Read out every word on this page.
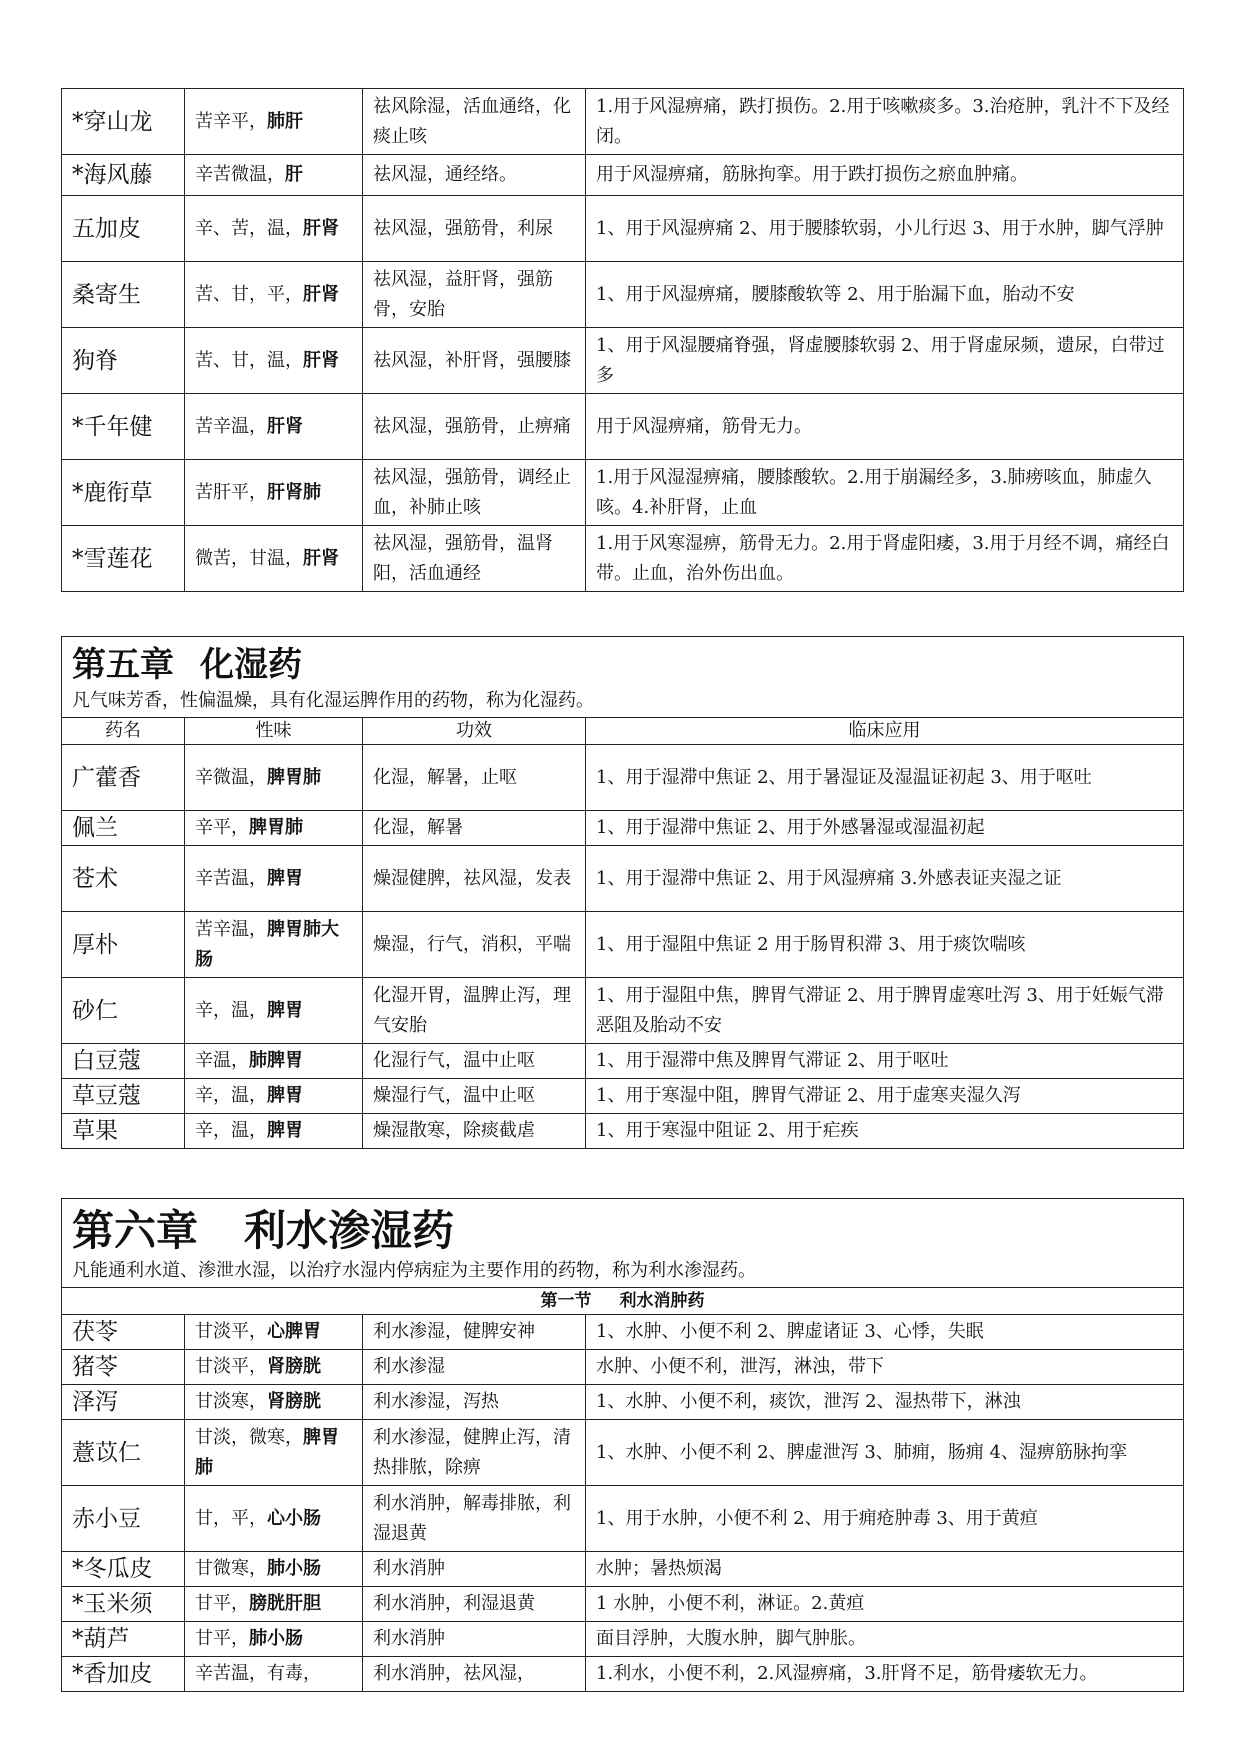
*穿山龙	苦辛平，肺肝	祛风除湿，活血通络，化痰止咳	1.用于风湿痹痛，跌打损伤。2.用于咳嗽痰多。3.治疮肿，乳汁不下及经闭。
*海风藤	辛苦微温，肝	祛风湿，通经络。	用于风湿痹痛，筋脉拘挛。用于跌打损伤之瘀血肿痛。
五加皮	辛、苦，温，肝肾	祛风湿，强筋骨，利尿	1、用于风湿痹痛 2、用于腰膝软弱，小儿行迟 3、用于水肿，脚气浮肿
桑寄生	苦、甘，平，肝肾	祛风湿，益肝肾，强筋骨，安胎	1、用于风湿痹痛，腰膝酸软等 2、用于胎漏下血，胎动不安
狗脊	苦、甘，温，肝肾	祛风湿，补肝肾，强腰膝	1、用于风湿腰痛脊强，肾虚腰膝软弱 2、用于肾虚尿频，遗尿，白带过多
*千年健	苦辛温，肝肾	祛风湿，强筋骨，止痹痛	用于风湿痹痛，筋骨无力。
*鹿衔草	苦肝平，肝肾肺	祛风湿，强筋骨，调经止血，补肺止咳	1.用于风湿湿痹痛，腰膝酸软。2.用于崩漏经多，3.肺痨咳血，肺虚久咳。4.补肝肾，止血
*雪莲花	微苦，甘温，肝肾	祛风湿，强筋骨，温肾阳，活血通经	1.用于风寒湿痹，筋骨无力。2.用于肾虚阳痿，3.用于月经不调，痛经白带。止血，治外伤出血。
第五章 化湿药
凡气味芳香，性偏温燥，具有化湿运脾作用的药物，称为化湿药。			

药名	性味	功效	临床应用
广藿香	辛微温，脾胃肺	化湿，解暑，止呕	1、用于湿滞中焦证 2、用于暑湿证及湿温证初起 3、用于呕吐
佩兰	辛平，脾胃肺	化湿，解暑	1、用于湿滞中焦证 2、用于外感暑湿或湿温初起
苍术	辛苦温，脾胃	燥湿健脾，祛风湿，发表	1、用于湿滞中焦证 2、用于风湿痹痛 3.外感表证夹湿之证
厚朴	苦辛温，脾胃肺大肠	燥湿，行气，消积，平喘	1、用于湿阻中焦证 2 用于肠胃积滞 3、用于痰饮喘咳
砂仁	辛，温，脾胃	化湿开胃，温脾止泻，理气安胎	1、用于湿阻中焦，脾胃气滞证 2、用于脾胃虚寒吐泻 3、用于妊娠气滞恶阻及胎动不安
白豆蔻	辛温，肺脾胃	化湿行气，温中止呕	1、用于湿滞中焦及脾胃气滞证 2、用于呕吐
草豆蔻	辛，温，脾胃	燥湿行气，温中止呕	1、用于寒湿中阻，脾胃气滞证 2、用于虚寒夹湿久泻
草果	辛，温，脾胃	燥湿散寒，除痰截虐	1、用于寒湿中阻证 2、用于疟疾
第六章 利水渗湿药
凡能通利水道、渗泄水湿，以治疗水湿内停病症为主要作用的药物，称为利水渗湿药。			

第一节 利水消肿药			
茯苓	甘淡平，心脾胃	利水渗湿，健脾安神	1、水肿、小便不利 2、脾虚诸证 3、心悸，失眠
猪苓	甘淡平，肾膀胱	利水渗湿	水肿、小便不利，泄泻，淋浊，带下
泽泻	甘淡寒，肾膀胱	利水渗湿，泻热	1、水肿、小便不利，痰饮，泄泻 2、湿热带下，淋浊
薏苡仁	甘淡，微寒，脾胃肺	利水渗湿，健脾止泻，清热排脓，除痹	1、水肿、小便不利 2、脾虚泄泻 3、肺痈，肠痈 4、湿痹筋脉拘挛
赤小豆	甘，平，心小肠	利水消肿，解毒排脓，利湿退黄	1、用于水肿，小便不利 2、用于痈疮肿毒 3、用于黄疸
*冬瓜皮	甘微寒，肺小肠	利水消肿	水肿；暑热烦渴
*玉米须	甘平，膀胱肝胆	利水消肿，利湿退黄	1 水肿，小便不利，淋证。2.黄疸
*葫芦	甘平，肺小肠	利水消肿	面目浮肿，大腹水肿，脚气肿胀。
*香加皮	辛苦温，有毒，	利水消肿，祛风湿，	1.利水，小便不利，2.风湿痹痛，3.肝肾不足，筋骨痿软无力。
